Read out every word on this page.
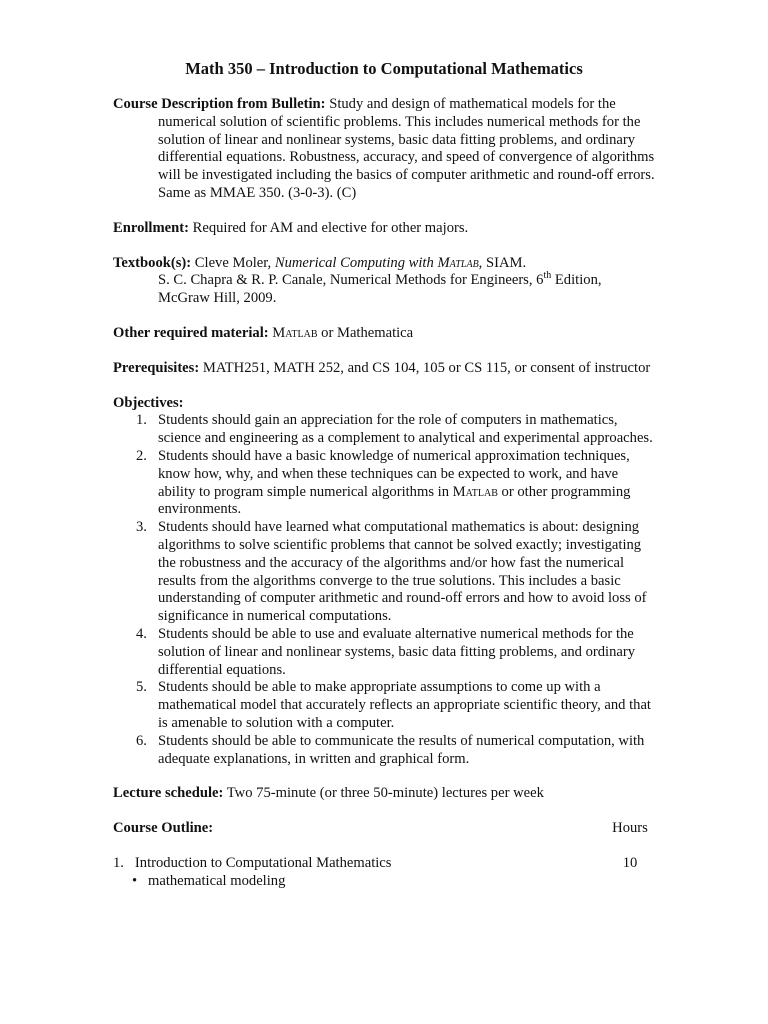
Math 350 – Introduction to Computational Mathematics
Course Description from Bulletin: Study and design of mathematical models for the numerical solution of scientific problems. This includes numerical methods for the solution of linear and nonlinear systems, basic data fitting problems, and ordinary differential equations. Robustness, accuracy, and speed of convergence of algorithms will be investigated including the basics of computer arithmetic and round-off errors. Same as MMAE 350. (3-0-3). (C)
Enrollment: Required for AM and elective for other majors.
Textbook(s): Cleve Moler, Numerical Computing with Matlab, SIAM.
S. C. Chapra & R. P. Canale, Numerical Methods for Engineers, 6th Edition,
McGraw Hill, 2009.
Other required material: Matlab or Mathematica
Prerequisites: MATH251, MATH 252, and CS 104, 105 or CS 115, or consent of instructor
Objectives:
1. Students should gain an appreciation for the role of computers in mathematics, science and engineering as a complement to analytical and experimental approaches.
2. Students should have a basic knowledge of numerical approximation techniques, know how, why, and when these techniques can be expected to work, and have ability to program simple numerical algorithms in Matlab or other programming environments.
3. Students should have learned what computational mathematics is about: designing algorithms to solve scientific problems that cannot be solved exactly; investigating the robustness and the accuracy of the algorithms and/or how fast the numerical results from the algorithms converge to the true solutions. This includes a basic understanding of computer arithmetic and round-off errors and how to avoid loss of significance in numerical computations.
4. Students should be able to use and evaluate alternative numerical methods for the solution of linear and nonlinear systems, basic data fitting problems, and ordinary differential equations.
5. Students should be able to make appropriate assumptions to come up with a mathematical model that accurately reflects an appropriate scientific theory, and that is amenable to solution with a computer.
6. Students should be able to communicate the results of numerical computation, with adequate explanations, in written and graphical form.
Lecture schedule: Two 75-minute (or three 50-minute) lectures per week
Course Outline:	Hours
1. Introduction to Computational Mathematics	10
• mathematical modeling
